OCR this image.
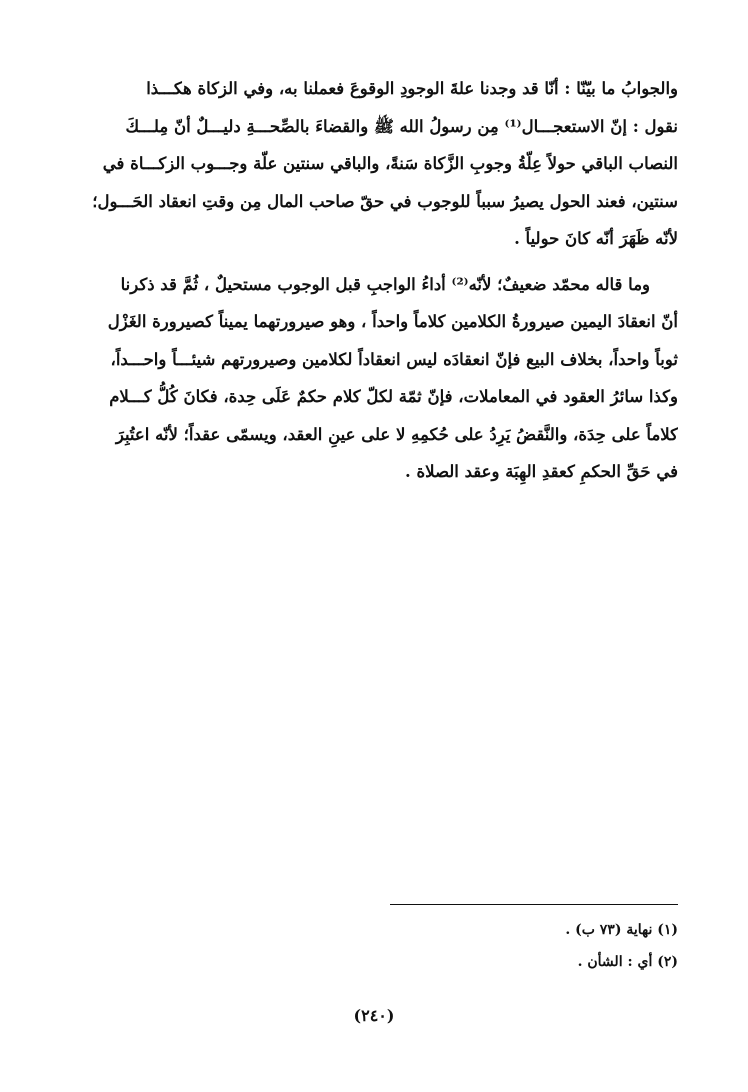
والجوابُ ما بيّنّا : أنّا قد وجدنا علةَ الوجودِ الوقوعَ فعملنا به، وفي الزكاة هكـــذا
نقول : إنّ الاستعجـــال⁽¹⁾ مِن رسولُ الله ﷺ والقضاءَ بالصِّحـــةِ دليـــلٌ أنّ مِلـــكَ
النصاب الباقي حولاً عِلّةُ وجوبِ الزَّكاة سَنةً، والباقي سنتين علّة وجـــوب الزكـــاة في
سنتين، فعند الحول يصيرُ سبباً للوجوب في حقّ صاحب المال مِن وقتِ انعقاد الحَـــول؛
لأنّه ظَهَرَ أنّه كانَ حولياً .
وما قاله محمّد ضعيفٌ؛ لأنّه⁽²⁾ أداءُ الواجبِ قبل الوجوب مستحيلٌ ، ثُمَّ قد ذكرنا
أنّ انعقادَ اليمين صيرورةُ الكلامين كلاماً واحداً ، وهو صيرورتهما يميناً كصيرورة الغَزْل
ثوباً واحداً، بخلاف البيع فإنّ انعقادَه ليس انعقاداً لكلامين وصيرورتهم شيئـــاً واحـــداً،
وكذا سائرُ العقود في المعاملات، فإنّ ثمّة لكلّ كلام حكمٌ عَلَى حِدة، فكانَ كُلُّ كـــلام
كلاماً على حِدَة، والنَّقضُ يَرِدُ على حُكمِهِ لا على عينِ العقد، ويسمّى عقداً؛ لأنّه اعتُبِرَ
في حَقِّ الحكمِ كعقدِ الهِبَة وعقد الصلاة .
(١) نهاية (٧٣ ب) .
(٢) أي : الشأن .
(٢٤٠)
